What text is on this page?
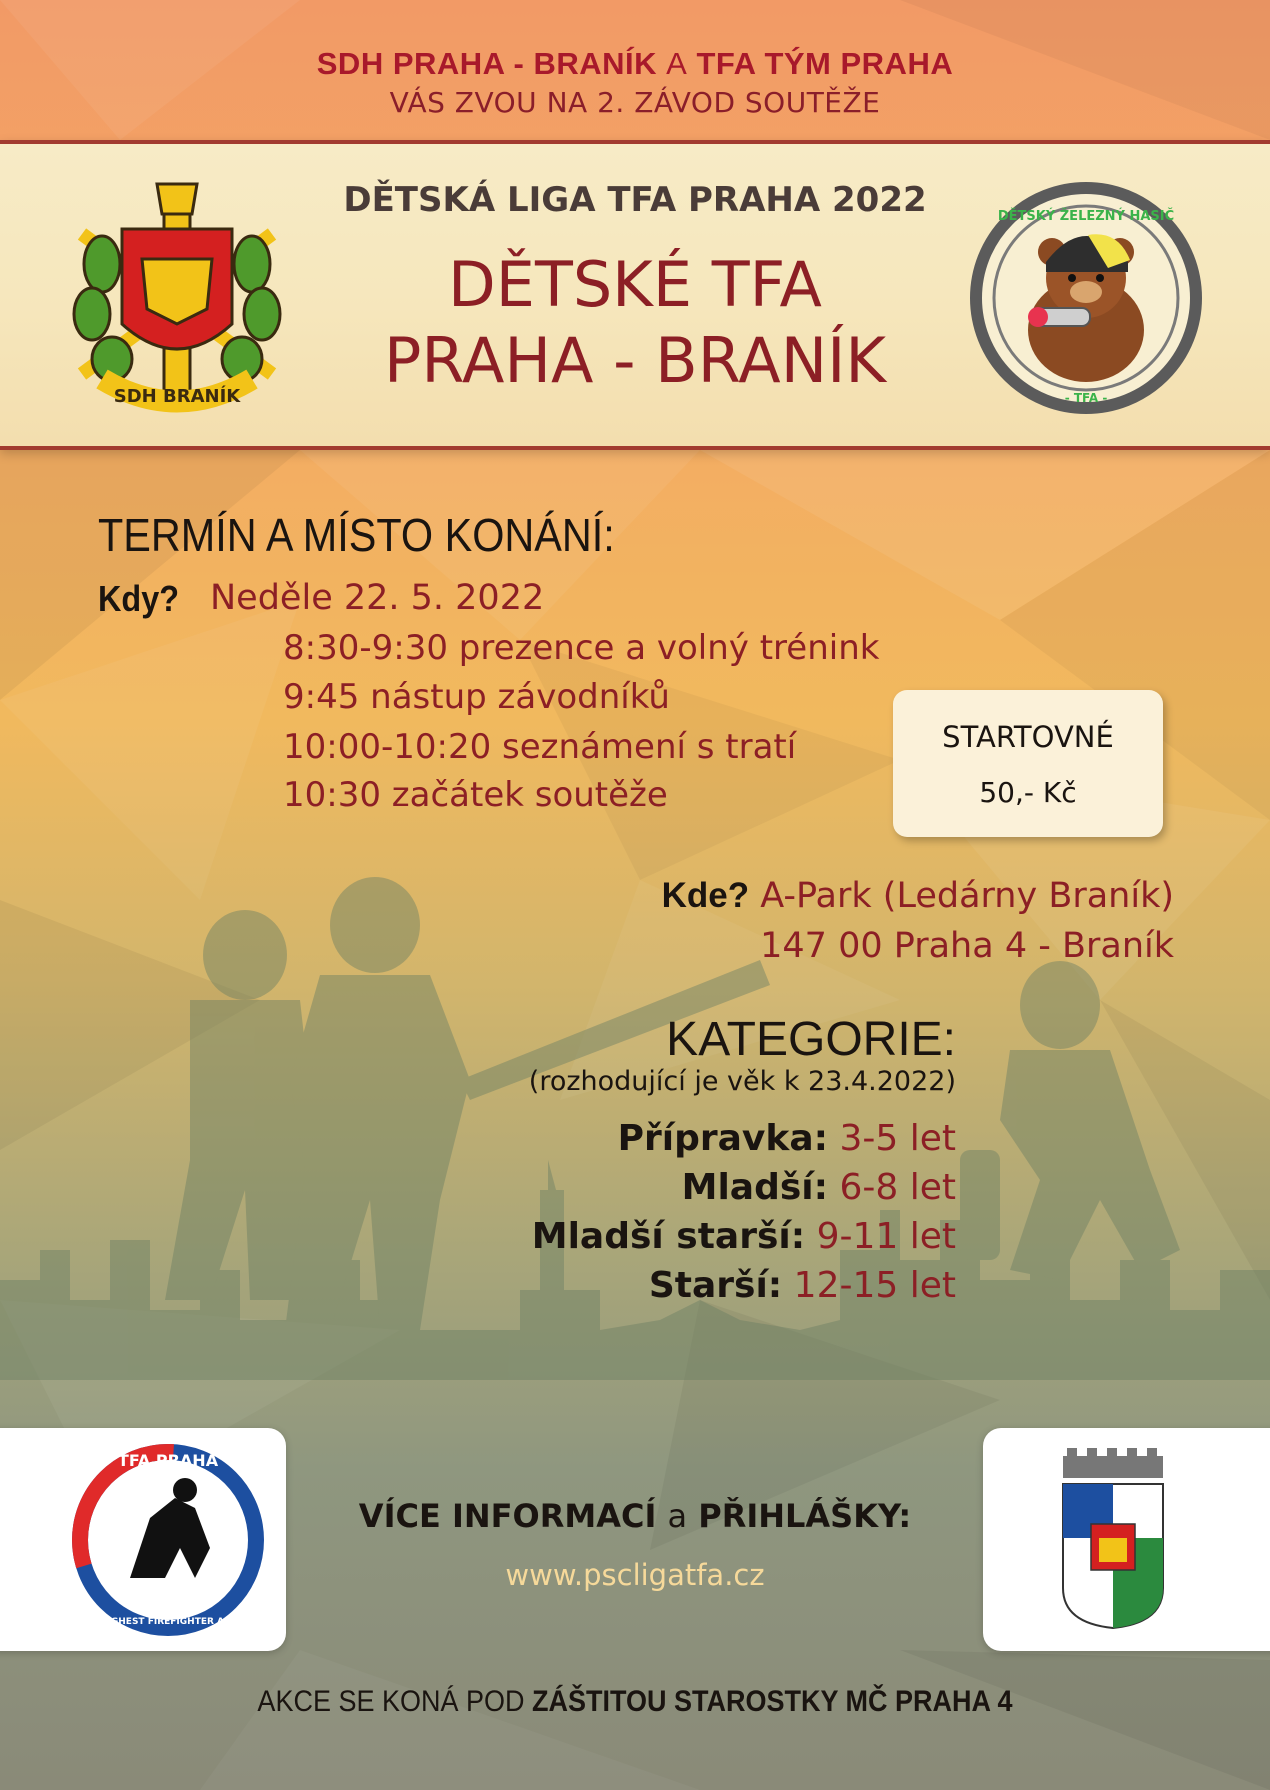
SDH PRAHA - BRANÍK A TFA TÝM PRAHA
VÁS ZVOU NA 2. ZÁVOD SOUTĚŽE
DĚTSKÁ LIGA TFA PRAHA 2022
DĚTSKÉ TFA
PRAHA - BRANÍK
SDH BRANÍK
DĚTSKÝ ŽELEZNÝ HASIČ
- TFA -
TERMÍN A MÍSTO KONÁNÍ:
Kdy? Neděle 22. 5. 2022
8:30-9:30 prezence a volný trénink
9:45 nástup závodníků
10:00-10:20 seznámení s tratí
10:30 začátek soutěže
STARTOVNÉ
50,- Kč
Kde? A-Park (Ledárny Braník)
147 00 Praha 4 - Braník
KATEGORIE:
(rozhodující je věk k 23.4.2022)
Přípravka: 3-5 let
Mladší: 6-8 let
Mladší starší: 9-11 let
Starší: 12-15 let
TFA PRAHA
TOUGHEST FIREFIGHTER ALIVE
VÍCE INFORMACÍ a PŘIHLÁŠKY:
www.pscligatfa.cz
AKCE SE KONÁ POD ZÁŠTITOU STAROSTKY MČ PRAHA 4
